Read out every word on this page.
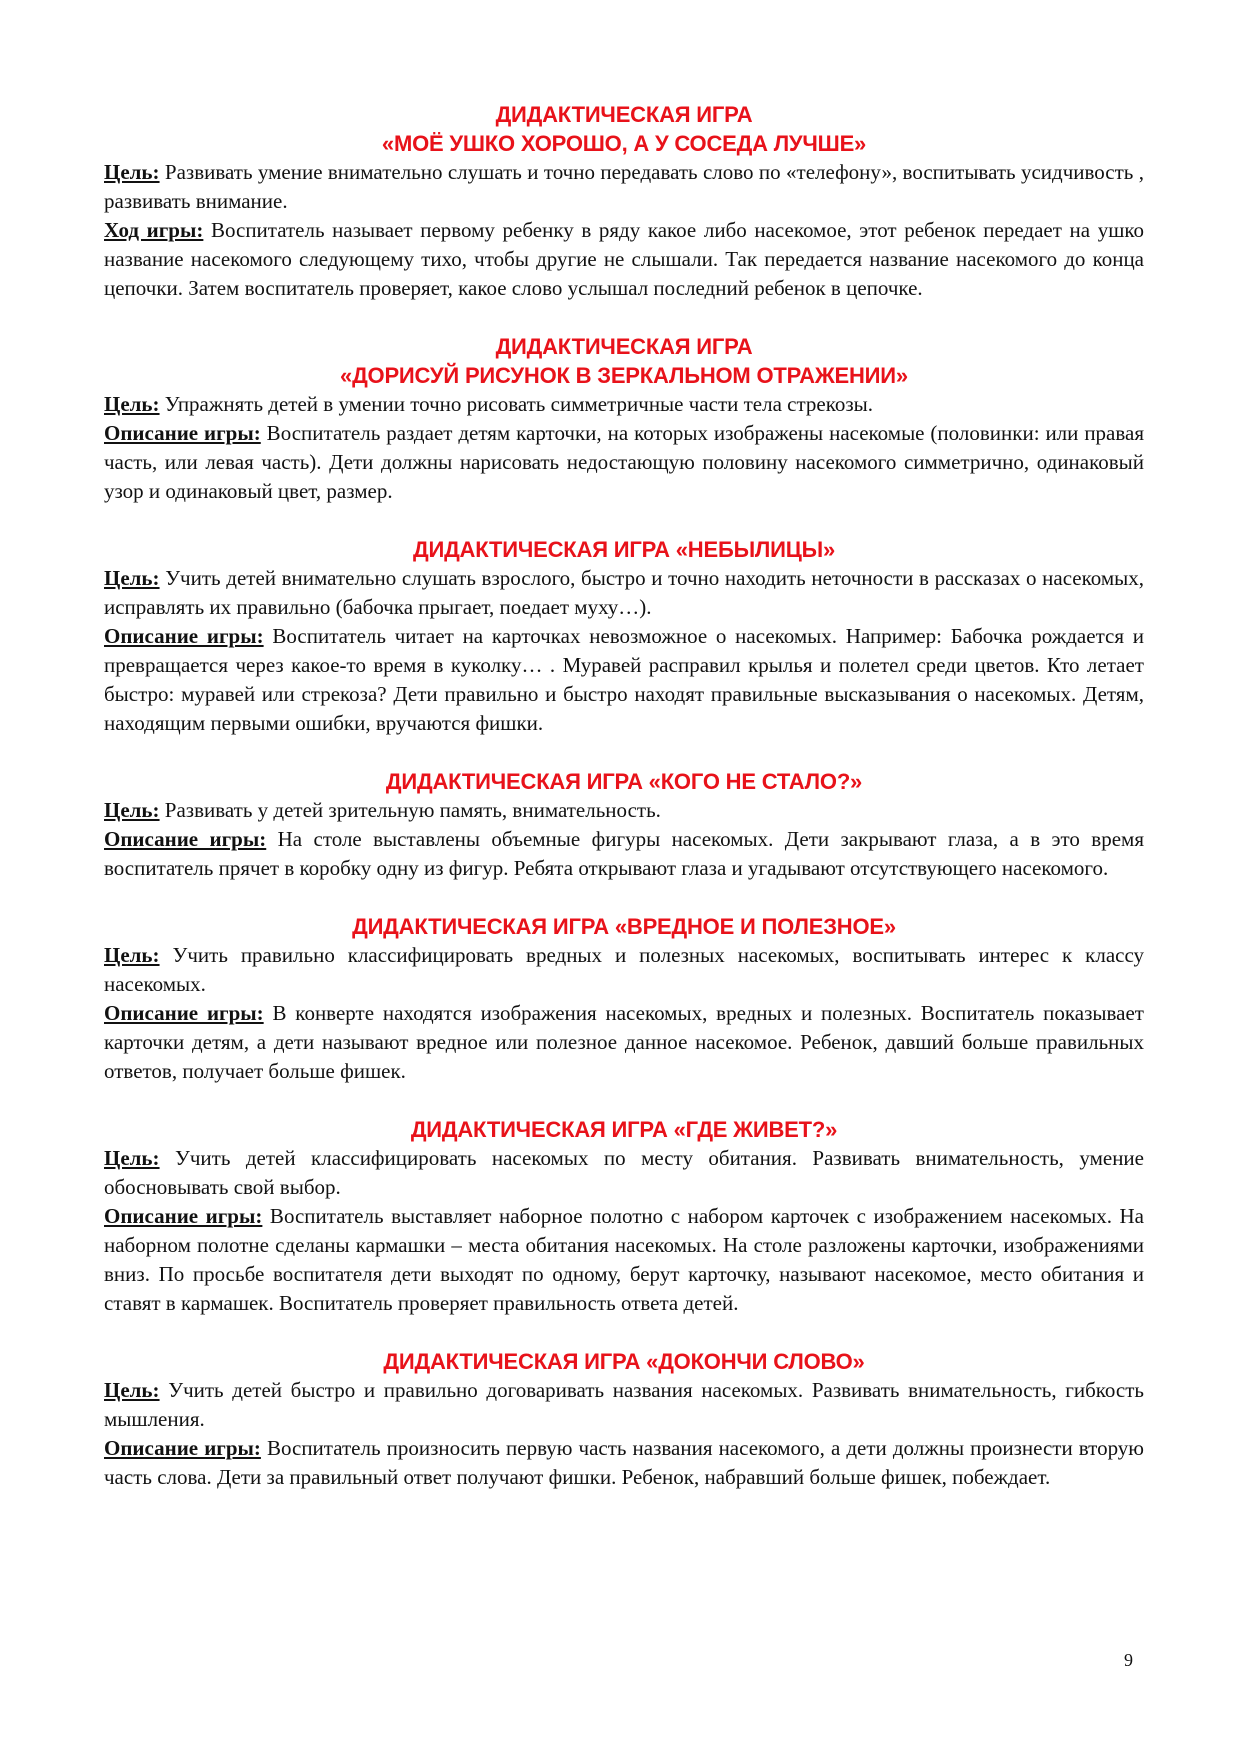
ДИДАКТИЧЕСКАЯ ИГРА
«МОЁ УШКО ХОРОШО, А У СОСЕДА ЛУЧШЕ»

Цель: Развивать умение внимательно слушать и точно передавать слово по «телефону», воспитывать усидчивость , развивать внимание.

Ход игры: Воспитатель называет первому ребенку в ряду какое либо насекомое, этот ребенок передает на ушко название насекомого следующему тихо, чтобы другие не слышали. Так передается название насекомого до конца цепочки. Затем воспитатель проверяет, какое слово услышал последний ребенок в цепочке.

ДИДАКТИЧЕСКАЯ ИГРА
«ДОРИСУЙ РИСУНОК В ЗЕРКАЛЬНОМ ОТРАЖЕНИИ»

Цель: Упражнять детей в умении точно рисовать симметричные части тела стрекозы.

Описание игры: Воспитатель раздает детям карточки, на которых изображены насекомые (половинки: или правая часть, или левая часть). Дети должны нарисовать недостающую половину насекомого симметрично, одинаковый узор и одинаковый цвет, размер.

ДИДАКТИЧЕСКАЯ ИГРА «НЕБЫЛИЦЫ»

Цель: Учить детей внимательно слушать взрослого, быстро и точно находить неточности в рассказах о насекомых, исправлять их правильно (бабочка прыгает, поедает муху…).

Описание игры: Воспитатель читает на карточках невозможное о насекомых. Например: Бабочка рождается и превращается через какое-то время в куколку… . Муравей расправил крылья и полетел среди цветов. Кто летает быстро: муравей или стрекоза? Дети правильно и быстро находят правильные высказывания о насекомых. Детям, находящим первыми ошибки, вручаются фишки.

ДИДАКТИЧЕСКАЯ ИГРА «КОГО НЕ СТАЛО?»

Цель: Развивать у детей зрительную память, внимательность.

Описание игры: На столе выставлены объемные фигуры насекомых. Дети закрывают глаза, а в это время воспитатель прячет в коробку одну из фигур. Ребята открывают глаза и угадывают отсутствующего насекомого.

ДИДАКТИЧЕСКАЯ ИГРА «ВРЕДНОЕ И ПОЛЕЗНОЕ»

Цель: Учить правильно классифицировать вредных и полезных насекомых, воспитывать интерес к классу насекомых.

Описание игры: В конверте находятся изображения насекомых, вредных и полезных. Воспитатель показывает карточки детям, а дети называют вредное или полезное данное насекомое. Ребенок, давший больше правильных ответов, получает больше фишек.

ДИДАКТИЧЕСКАЯ ИГРА «ГДЕ ЖИВЕТ?»

Цель: Учить детей классифицировать насекомых по месту обитания. Развивать внимательность, умение обосновывать свой выбор.

Описание игры: Воспитатель выставляет наборное полотно с набором карточек с изображением насекомых. На наборном полотне сделаны кармашки – места обитания насекомых. На столе разложены карточки, изображениями вниз. По просьбе воспитателя дети выходят по одному, берут карточку, называют насекомое, место обитания и ставят в кармашек. Воспитатель проверяет правильность ответа детей.

ДИДАКТИЧЕСКАЯ ИГРА «ДОКОНЧИ СЛОВО»

Цель: Учить детей быстро и правильно договаривать названия насекомых. Развивать внимательность, гибкость мышления.

Описание игры: Воспитатель произносить первую часть названия насекомого, а дети должны произнести вторую часть слова. Дети за правильный ответ получают фишки. Ребенок, набравший больше фишек, побеждает.

9
